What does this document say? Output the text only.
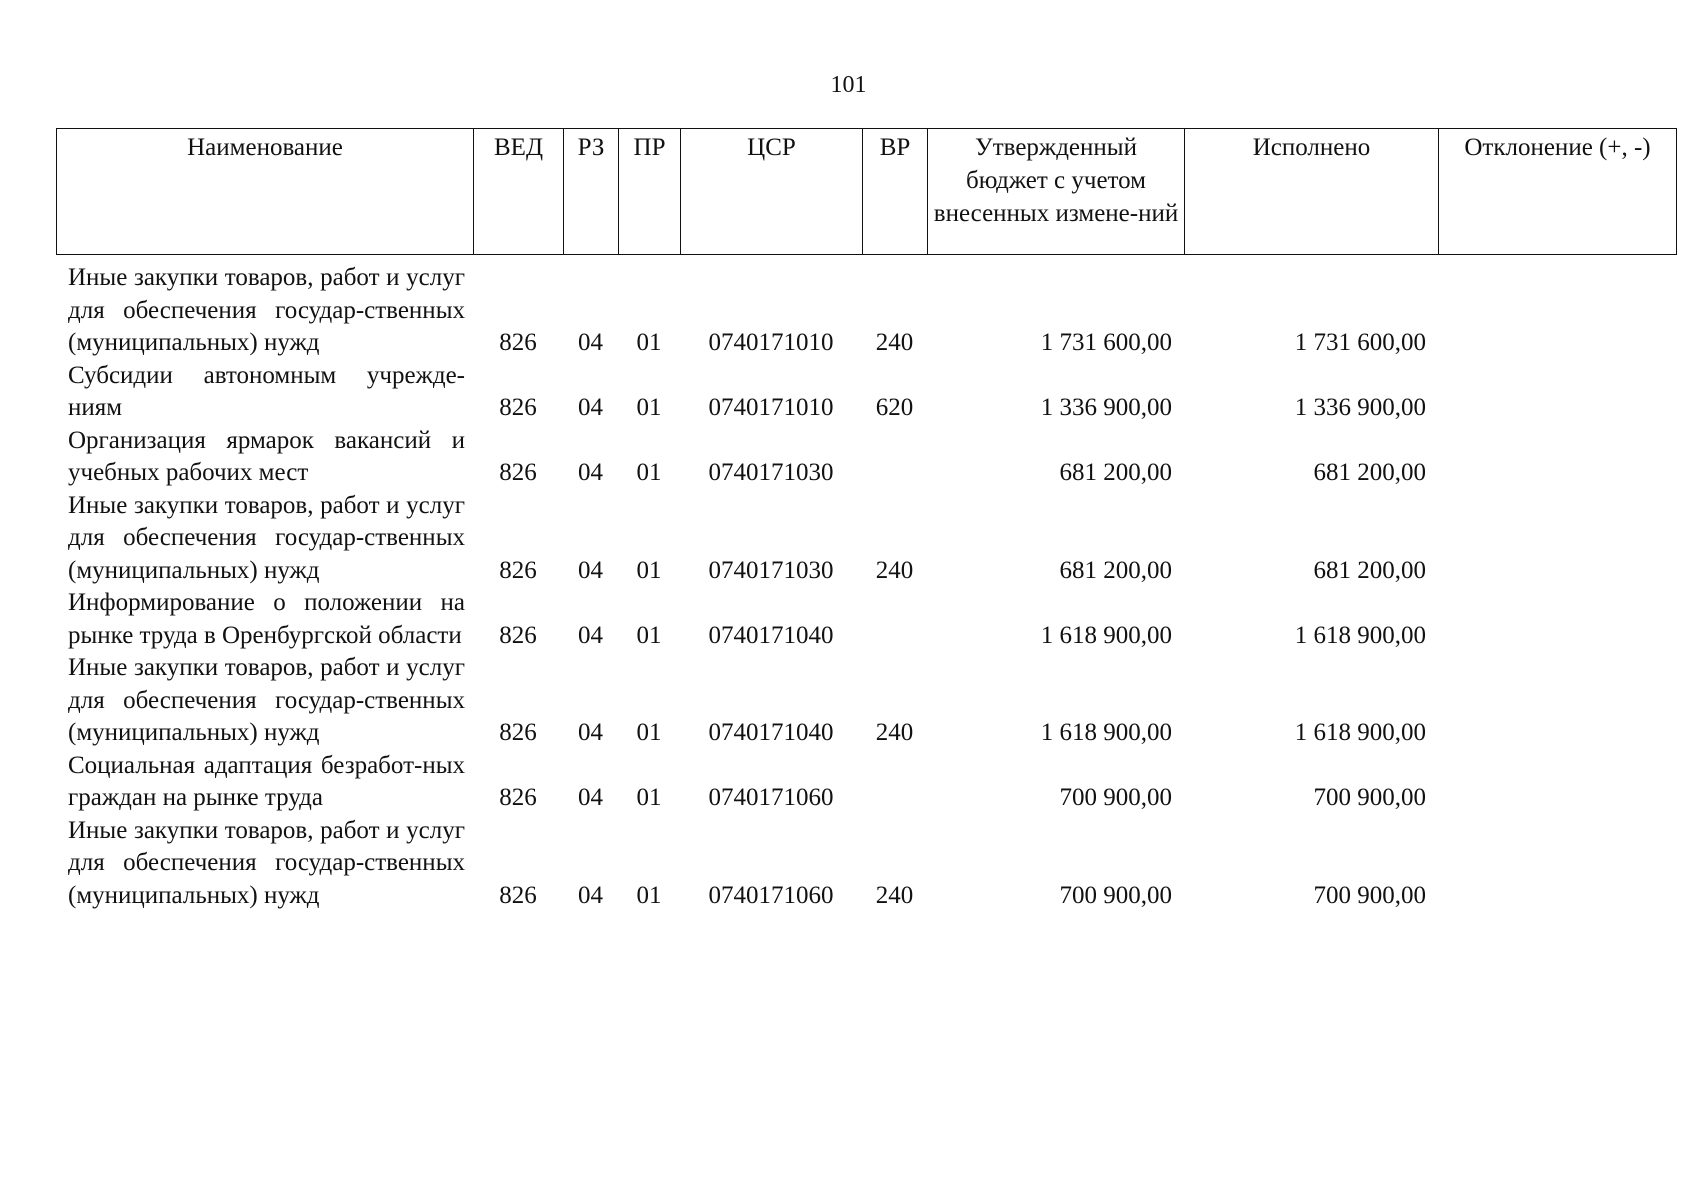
101
Наименование	ВЕД	РЗ	ПР	ЦСР	ВР	Утвержденный бюджет с учетом внесенных измене-ний	Исполнено	Отклонение (+, -)
Иные закупки товаров, работ и услуг для обеспечения государ-ственных (муниципальных) нужд	826	04	01	0740171010	240	1 731 600,00	1 731 600,00	
Субсидии автономным учрежде-ниям	826	04	01	0740171010	620	1 336 900,00	1 336 900,00	
Организация ярмарок вакансий и учебных рабочих мест	826	04	01	0740171030		681 200,00	681 200,00	
Иные закупки товаров, работ и услуг для обеспечения государ-ственных (муниципальных) нужд	826	04	01	0740171030	240	681 200,00	681 200,00	
Информирование о положении на рынке труда в Оренбургской области	826	04	01	0740171040		1 618 900,00	1 618 900,00	
Иные закупки товаров, работ и услуг для обеспечения государ-ственных (муниципальных) нужд	826	04	01	0740171040	240	1 618 900,00	1 618 900,00	
Социальная адаптация безработ-ных граждан на рынке труда	826	04	01	0740171060		700 900,00	700 900,00	
Иные закупки товаров, работ и услуг для обеспечения государ-ственных (муниципальных) нужд	826	04	01	0740171060	240	700 900,00	700 900,00	
